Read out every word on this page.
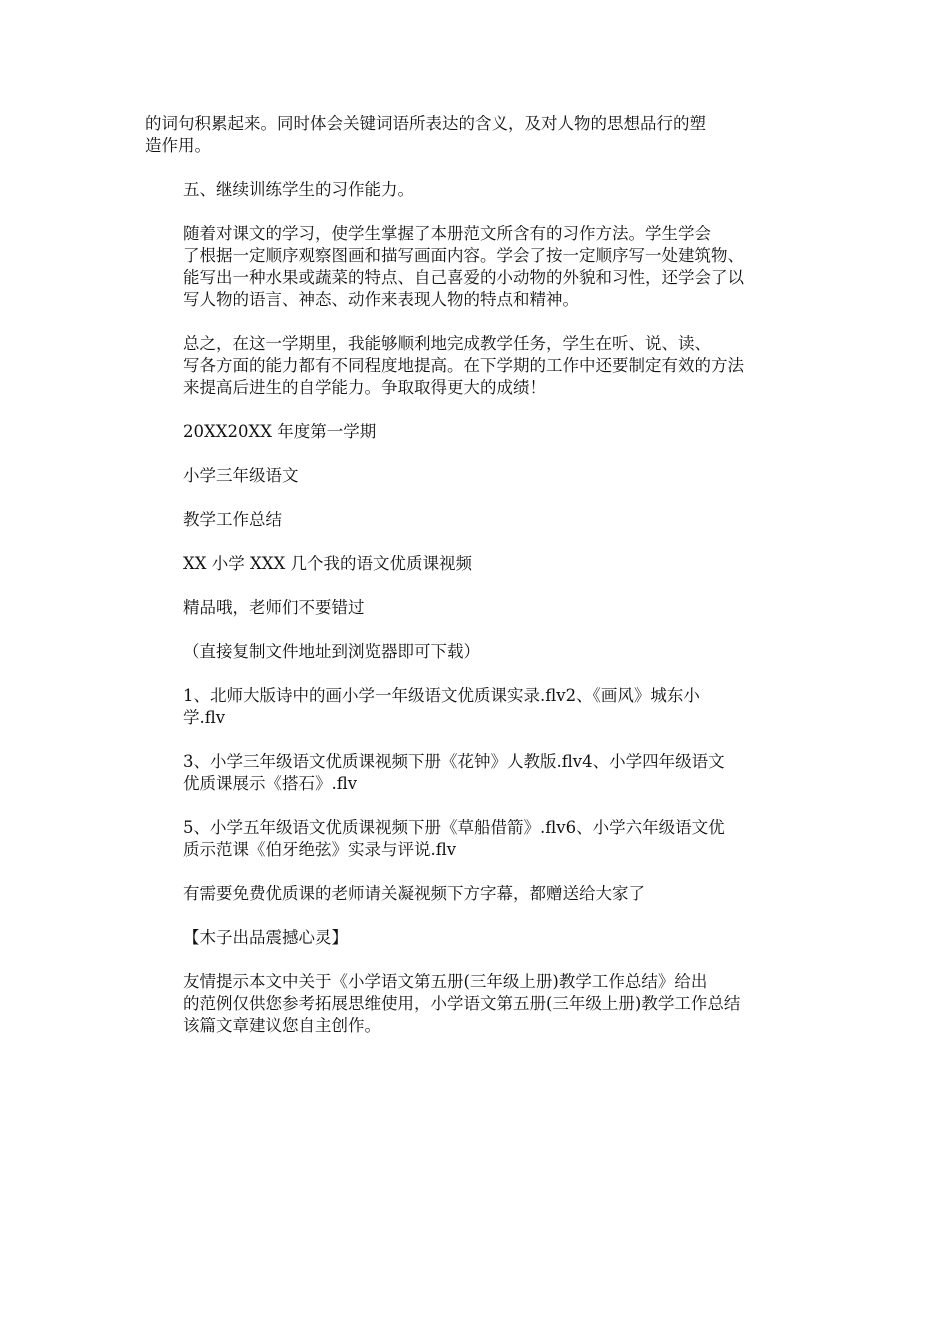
的词句积累起来。同时体会关键词语所表达的含义，及对人物的思想品行的塑
造作用。
五、继续训练学生的习作能力。
随着对课文的学习，使学生掌握了本册范文所含有的习作方法。学生学会
了根据一定顺序观察图画和描写画面内容。学会了按一定顺序写一处建筑物、
能写出一种水果或蔬菜的特点、自己喜爱的小动物的外貌和习性，还学会了以
写人物的语言、神态、动作来表现人物的特点和精神。
总之，在这一学期里，我能够顺利地完成教学任务，学生在听、说、读、
写各方面的能力都有不同程度地提高。在下学期的工作中还要制定有效的方法
来提高后进生的自学能力。争取取得更大的成绩！
20XX20XX 年度第一学期
小学三年级语文
教学工作总结
XX 小学 XXX 几个我的语文优质课视频
精品哦，老师们不要错过
（直接复制文件地址到浏览器即可下载）
1、北师大版诗中的画小学一年级语文优质课实录.flv2、《画风》城东小
学.flv
3、小学三年级语文优质课视频下册《花钟》人教版.flv4、小学四年级语文
优质课展示《搭石》.flv
5、小学五年级语文优质课视频下册《草船借箭》.flv6、小学六年级语文优
质示范课《伯牙绝弦》实录与评说.flv
有需要免费优质课的老师请关凝视频下方字幕，都赠送给大家了
【木子出品震撼心灵】
友情提示本文中关于《小学语文第五册(三年级上册)教学工作总结》给出
的范例仅供您参考拓展思维使用，小学语文第五册(三年级上册)教学工作总结
该篇文章建议您自主创作。
